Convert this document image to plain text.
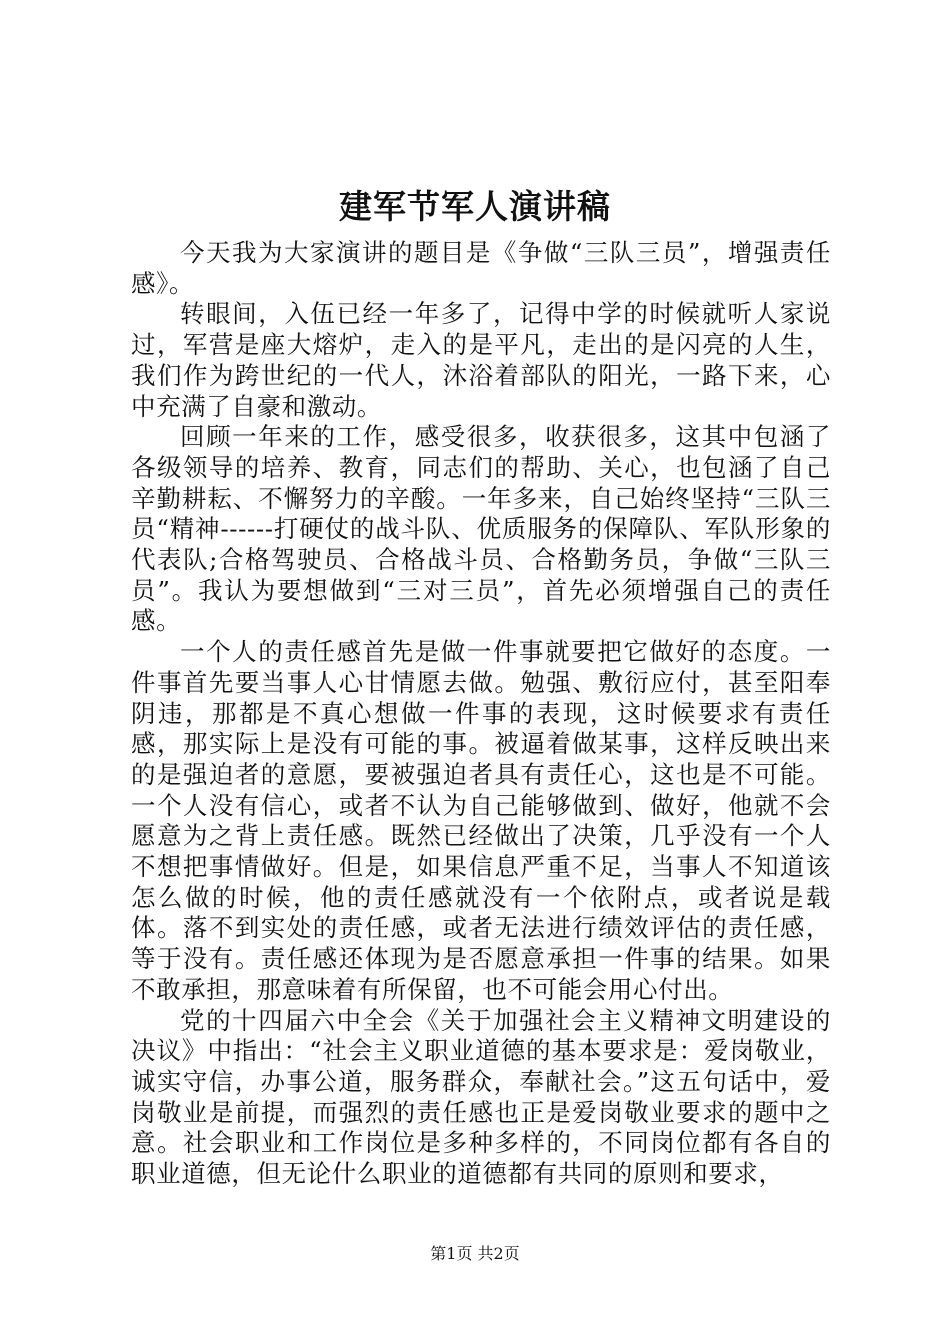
建军节军人演讲稿

今天我为大家演讲的题目是《争做“三队三员”，增强责任感》。

转眼间，入伍已经一年多了，记得中学的时候就听人家说过，军营是座大熔炉，走入的是平凡，走出的是闪亮的人生，我们作为跨世纪的一代人，沐浴着部队的阳光，一路下来，心中充满了自豪和激动。

回顾一年来的工作，感受很多，收获很多，这其中包涵了各级领导的培养、教育，同志们的帮助、关心，也包涵了自己辛勤耕耘、不懈努力的辛酸。一年多来，自己始终坚持“三队三员“精神------打硬仗的战斗队、优质服务的保障队、军队形象的代表队;合格驾驶员、合格战斗员、合格勤务员，争做“三队三员”。我认为要想做到“三对三员”，首先必须增强自己的责任感。

一个人的责任感首先是做一件事就要把它做好的态度。一件事首先要当事人心甘情愿去做。勉强、敷衍应付，甚至阳奉阴违，那都是不真心想做一件事的表现，这时候要求有责任感，那实际上是没有可能的事。被逼着做某事，这样反映出来的是强迫者的意愿，要被强迫者具有责任心，这也是不可能。一个人没有信心，或者不认为自己能够做到、做好，他就不会愿意为之背上责任感。既然已经做出了决策，几乎没有一个人不想把事情做好。但是，如果信息严重不足，当事人不知道该怎么做的时候，他的责任感就没有一个依附点，或者说是载体。落不到实处的责任感，或者无法进行绩效评估的责任感，等于没有。责任感还体现为是否愿意承担一件事的结果。如果不敢承担，那意味着有所保留，也不可能会用心付出。

党的十四届六中全会《关于加强社会主义精神文明建设的决议》中指出：“社会主义职业道德的基本要求是：爱岗敬业，诚实守信，办事公道，服务群众，奉献社会。”这五句话中，爱岗敬业是前提，而强烈的责任感也正是爱岗敬业要求的题中之意。社会职业和工作岗位是多种多样的，不同岗位都有各自的职业道德，但无论什么职业的道德都有共同的原则和要求，

第1页 共2页
